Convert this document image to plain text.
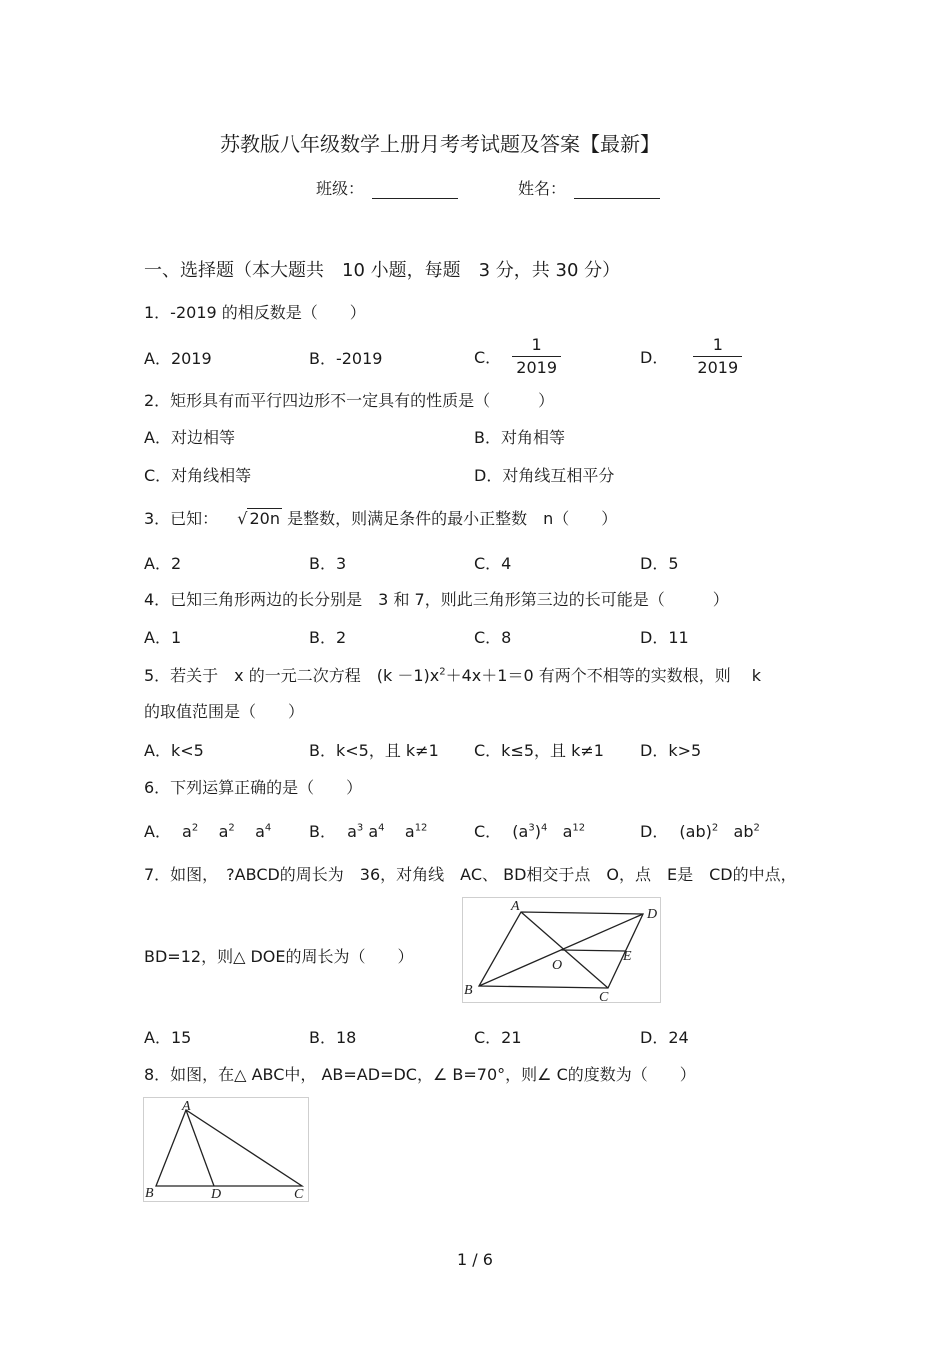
苏教版八年级数学上册月考考试题及答案【最新】
班级：	姓名：
一、选择题（本大题共　10 小题，每题　3 分，共 30 分）
1．-2019 的相反数是（　　）
A．2019	B．-2019	C． $\frac{1}{2019}$	D． $\frac{1}{2019}$
2．矩形具有而平行四边形不一定具有的性质是（　　　）
A．对边相等	B．对角相等
C．对角线相等	D．对角线互相平分
3．已知： √ 20n 是整数，则满足条件的最小正整数　n（　　）
A．2	B．3	C．4	D．5
4．已知三角形两边的长分别是　3 和 7，则此三角形第三边的长可能是（　　　）
A．1	B．2	C．8	D．11
5．若关于　x 的一元二次方程　$(k -1)x^2+4x+1=0$ 有两个不相等的实数根，则　 k
的取值范围是（　　）
A．k<5	B．k<5，且 k≠1 C．k≤5，且 k≠1 D．k>5
6．下列运算正确的是（　　）
A． $a^2$    $a^2$    $a^4$ B． $a^3$ $a^4$    $a^{12}$	C． $(a^3)^4$   $a^{12}$	D． (ab)$^2$   $ab^2$
7．如图，　?ABCD的周长为　36，对角线　AC、 BD相交于点　O，点　E是　CD的中点，
BD=12，则△ DOE的周长为（　　）
A
D
B	C
O
E
A．15	B．18	C．21	D．24
8．如图，在△ ABC中， AB=AD=DC，∠ B=70°，则∠ C的度数为（　　）
A
B	D	C
1 / 6
